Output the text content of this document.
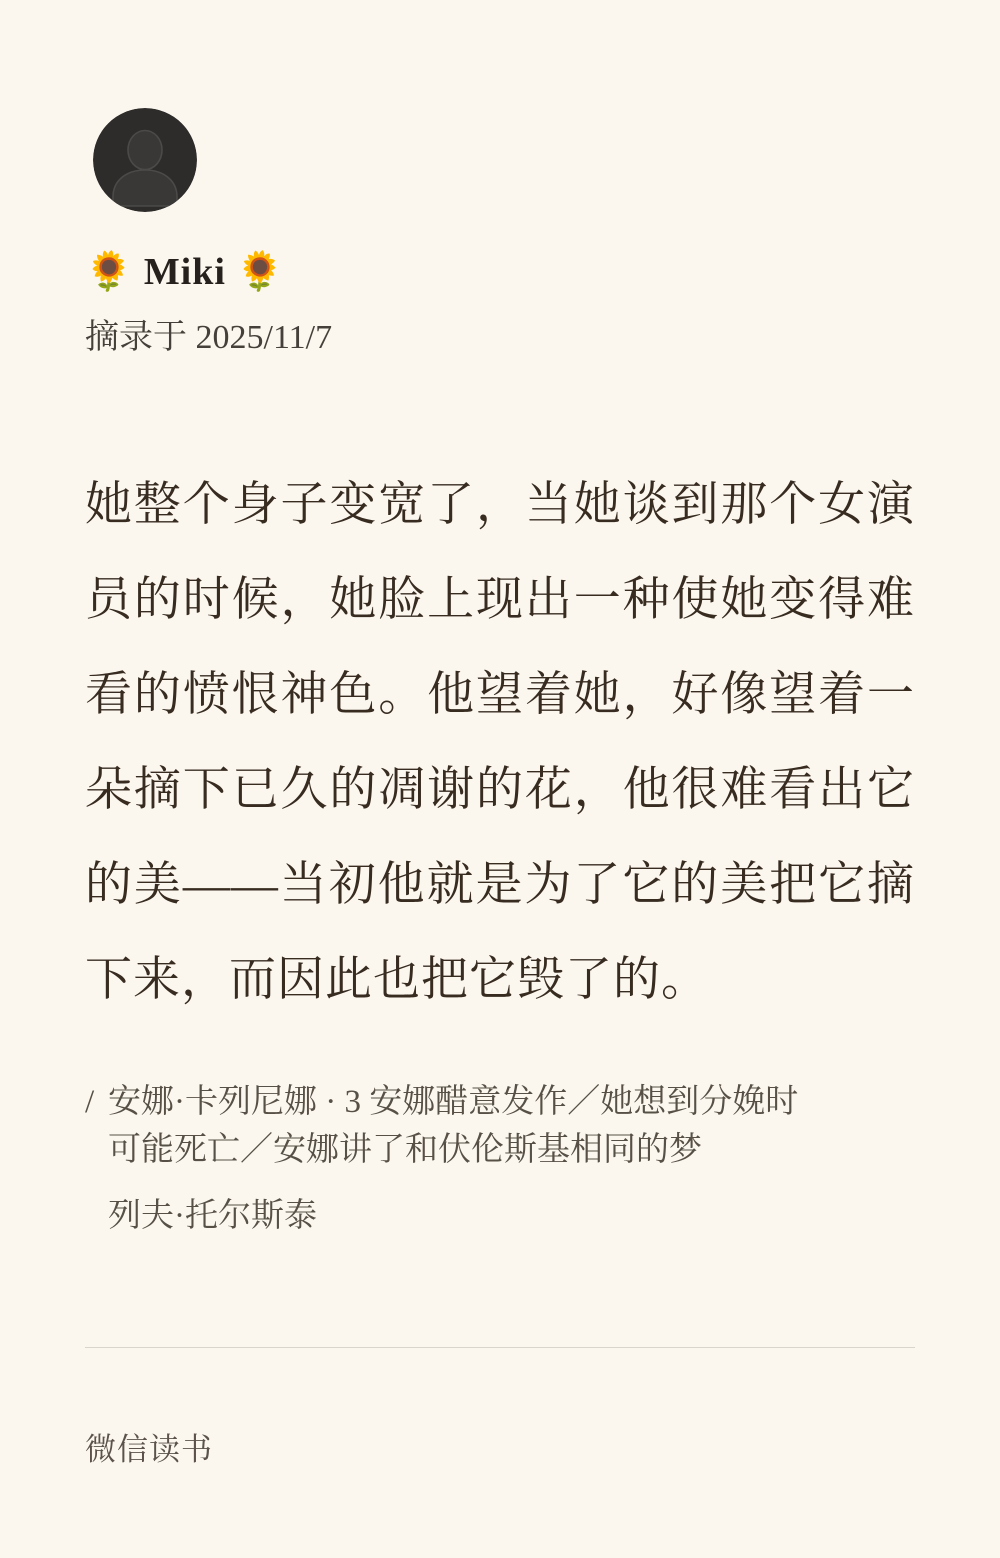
🌻 Miki 🌻
摘录于 2025/11/7
她整个身子变宽了，当她谈到那个女演
员的时候，她脸上现出一种使她变得难
看的愤恨神色。他望着她，好像望着一
朵摘下已久的凋谢的花，他很难看出它
的美——当初他就是为了它的美把它摘
下来，而因此也把它毁了的。
/ 安娜·卡列尼娜 · 3 安娜醋意发作／她想到分娩时
可能死亡／安娜讲了和伏伦斯基相同的梦
列夫·托尔斯泰
微信读书
